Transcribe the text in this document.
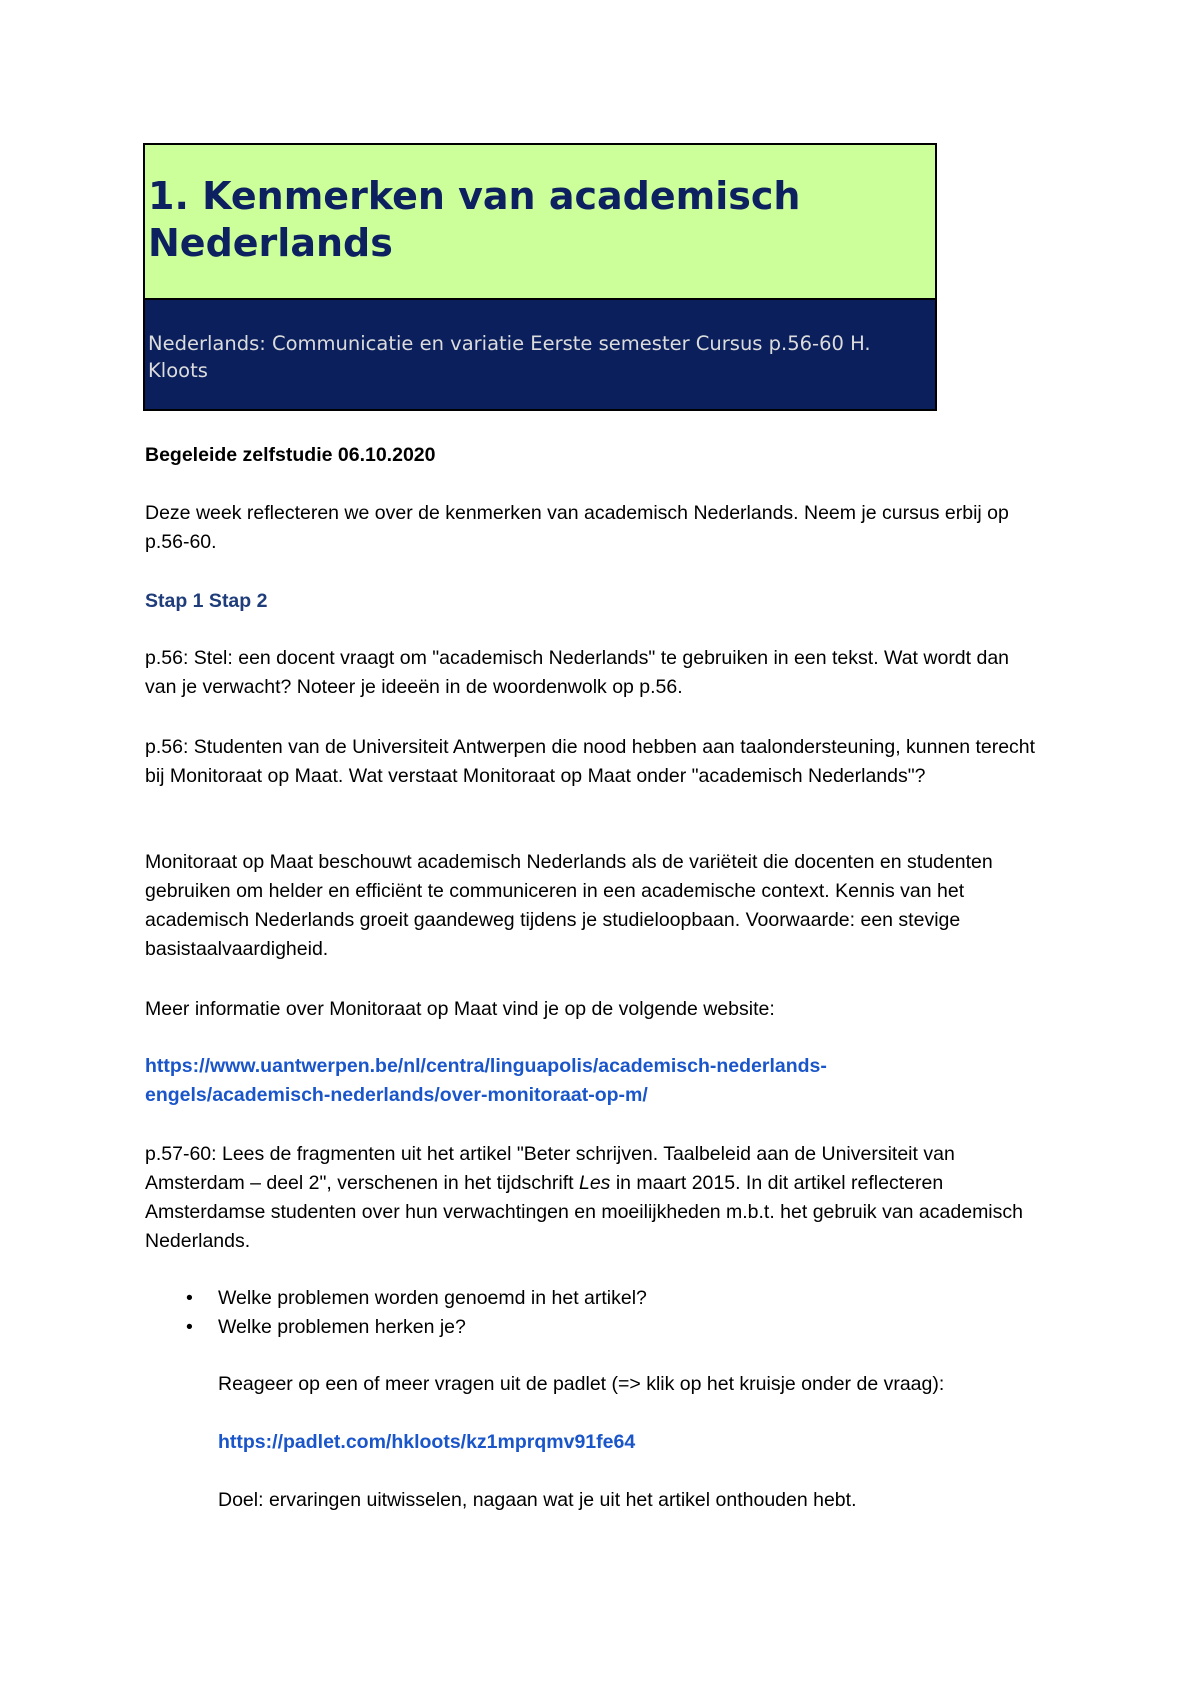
1. Kenmerken van academisch Nederlands

Nederlands: Communicatie en variatie Eerste semester Cursus p.56-60 H. Kloots

Begeleide zelfstudie 06.10.2020

Deze week reflecteren we over de kenmerken van academisch Nederlands. Neem je cursus erbij op p.56-60.

Stap 1 Stap 2

p.56: Stel: een docent vraagt om "academisch Nederlands" te gebruiken in een tekst. Wat wordt dan van je verwacht? Noteer je ideeën in de woordenwolk op p.56.

p.56: Studenten van de Universiteit Antwerpen die nood hebben aan taalondersteuning, kunnen terecht bij Monitoraat op Maat. Wat verstaat Monitoraat op Maat onder "academisch Nederlands"?

Monitoraat op Maat beschouwt academisch Nederlands als de variëteit die docenten en studenten gebruiken om helder en efficiënt te communiceren in een academische context. Kennis van het academisch Nederlands groeit gaandeweg tijdens je studieloopbaan. Voorwaarde: een stevige basistaalvaardigheid.

Meer informatie over Monitoraat op Maat vind je op de volgende website:

https://www.uantwerpen.be/nl/centra/linguapolis/academisch-nederlands-engels/academisch-nederlands/over-monitoraat-op-m/

p.57-60: Lees de fragmenten uit het artikel "Beter schrijven. Taalbeleid aan de Universiteit van Amsterdam – deel 2", verschenen in het tijdschrift Les in maart 2015. In dit artikel reflecteren Amsterdamse studenten over hun verwachtingen en moeilijkheden m.b.t. het gebruik van academisch Nederlands.

• Welke problemen worden genoemd in het artikel?
• Welke problemen herken je?

Reageer op een of meer vragen uit de padlet (=> klik op het kruisje onder de vraag):

https://padlet.com/hkloots/kz1mprqmv91fe64

Doel: ervaringen uitwisselen, nagaan wat je uit het artikel onthouden hebt.
